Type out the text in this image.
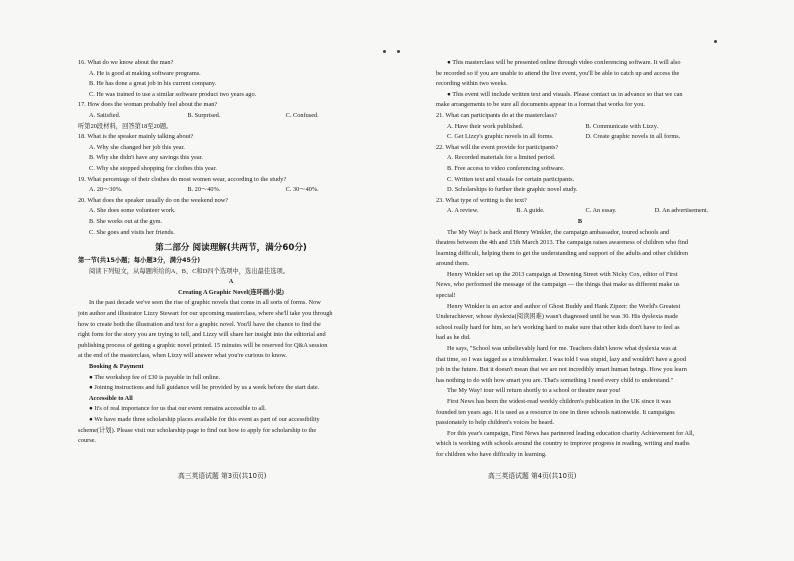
16. What do we know about the man?
A. He is good at making software programs.
B. He has done a great job in his current company.
C. He was trained to use a similar software product two years ago.
17. How does the woman probably feel about the man?
A. Satisfied.	B. Surprised.	C. Confused.
听第20段材料，回答第18至20题。
18. What is the speaker mainly talking about?
A. Why she changed her job this year.
B. Why she didn't have any savings this year.
C. Why she stopped shopping for clothes this year.
19. What percentage of their clothes do most women wear, according to the study?
A. 20～30%.	B. 20～40%.	C. 30～40%.
20. What does the speaker usually do on the weekend now?
A. She does some volunteer work.
B. She works out at the gym.
C. She goes and visits her friends.
第二部分 阅读理解(共两节，满分60分)
第一节(共15小题；每小题3分，满分45分)
阅读下列短文，从每题所给的A、B、C和D四个选项中，选出最佳选项。
A
Creating A Graphic Novel(连环画小说)
In the past decade we've seen the rise of graphic novels that come in all sorts of forms. Now
join author and illustrator Lizzy Stewart for our upcoming masterclass, where she'll take you through
how to create both the illustration and text for a graphic novel. You'll have the chance to find the
right form for the story you are trying to tell, and Lizzy will share her insight into the editorial and
publishing process of getting a graphic novel printed. 15 minutes will be reserved for Q&A session
at the end of the masterclass, when Lizzy will answer what you're curious to know.
Booking & Payment
● The workshop fee of £30 is payable in full online.
● Joining instructions and full guidance will be provided by us a week before the start date.
Accessible to All
● It's of real importance for us that our event remains accessible to all.
● We have made three scholarship places available for this event as part of our accessibility
scheme(计划). Please visit our scholarship page to find out how to apply for scholarship to the
course.
高三英语试题 第3页(共10页)
● This masterclass will be presented online through video conferencing software. It will also
be recorded so if you are unable to attend the live event, you'll be able to catch up and access the
recording within two weeks.
● This event will include written text and visuals. Please contact us in advance so that we can
make arrangements to be sure all documents appear in a format that works for you.
21. What can participants do at the masterclass?
A. Have their work published.	B. Communicate with Lizzy.
C. Get Lizzy's graphic novels in all forms.	D. Create graphic novels in all forms.
22. What will the event provide for participants?
A. Recorded materials for a limited period.
B. Free access to video conferencing software.
C. Written text and visuals for certain participants.
D. Scholarships to further their graphic novel study.
23. What type of writing is the text?
A. A review.	B. A guide.	C. An essay.	D. An advertisement.
B
The My Way! is back and Henry Winkler, the campaign ambassador, toured schools and
theatres between the 4th and 15th March 2013. The campaign raises awareness of children who find
learning difficult, helping them to get the understanding and support of the adults and other children
around them.
Henry Winkler set up the 2013 campaign at Downing Street with Nicky Cox, editor of First
News, who performed the message of the campaign — the things that make us different make us
special!
Henry Winkler is an actor and author of Ghost Buddy and Hank Zipzer: the World's Greatest
Underachiever, whose dyslexia(阅读困难) wasn't diagnosed until he was 30. His dyslexia made
school really hard for him, so he's working hard to make sure that other kids don't have to feel as
bad as he did.
He says, "School was unbelievably hard for me. Teachers didn't know what dyslexia was at
that time, so I was tagged as a troublemaker. I was told I was stupid, lazy and wouldn't have a good
job in the future. But it doesn't mean that we are not incredibly smart human beings. How you learn
has nothing to do with how smart you are. That's something I need every child to understand."
The My Way! tour will return shortly to a school or theatre near you!
First News has been the widest-read weekly children's publication in the UK since it was
founded ten years ago. It is used as a resource in one in three schools nationwide. It campaigns
passionately to help children's voices be heard.
For this year's campaign, First News has partnered leading education charity Achievement for All,
which is working with schools around the country to improve progress in reading, writing and maths
for children who have difficulty in learning.
高三英语试题 第4页(共10页)
